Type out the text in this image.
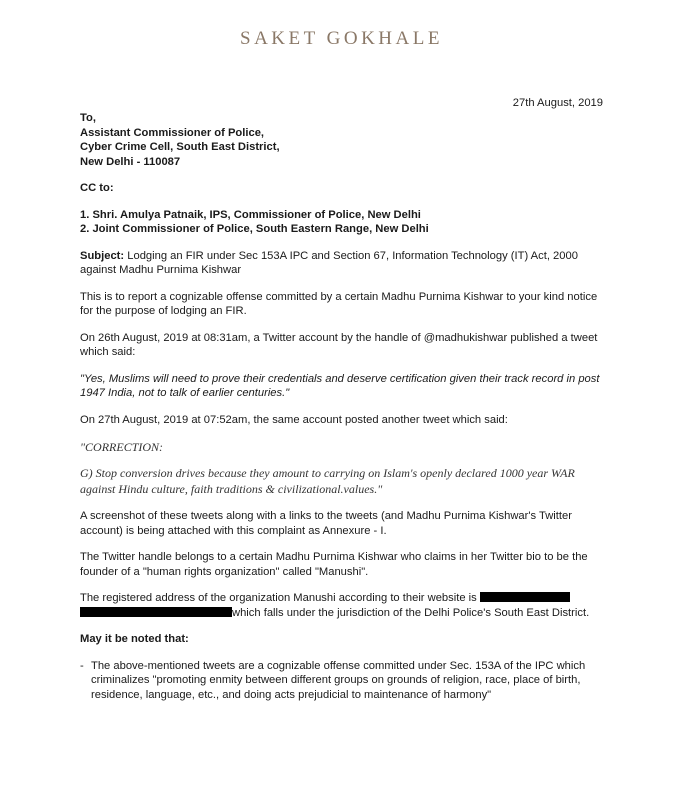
SAKET GOKHALE
27th August, 2019
To,
Assistant Commissioner of Police,
Cyber Crime Cell, South East District,
New Delhi - 110087
CC to:
1. Shri. Amulya Patnaik, IPS, Commissioner of Police, New Delhi
2. Joint Commissioner of Police, South Eastern Range, New Delhi
Subject: Lodging an FIR under Sec 153A IPC and Section 67, Information Technology (IT) Act, 2000 against Madhu Purnima Kishwar
This is to report a cognizable offense committed by a certain Madhu Purnima Kishwar to your kind notice for the purpose of lodging an FIR.
On 26th August, 2019 at 08:31am, a Twitter account by the handle of @madhukishwar published a tweet which said:
"Yes, Muslims will need to prove their credentials and deserve certification given their track record in post 1947 India, not to talk of earlier centuries."
On 27th August, 2019 at 07:52am, the same account posted another tweet which said:
"CORRECTION:
G) Stop conversion drives because they amount to carrying on Islam's openly declared 1000 year WAR against Hindu culture, faith traditions & civilizational.values."
A screenshot of these tweets along with a links to the tweets (and Madhu Purnima Kishwar's Twitter account) is being attached with this complaint as Annexure - I.
The Twitter handle belongs to a certain Madhu Purnima Kishwar who claims in her Twitter bio to be the founder of a "human rights organization" called "Manushi".
The registered address of the organization Manushi according to their website is  which falls under the jurisdiction of the Delhi Police's South East District.
May it be noted that:
- The above-mentioned tweets are a cognizable offense committed under Sec. 153A of the IPC which criminalizes "promoting enmity between different groups on grounds of religion, race, place of birth, residence, language, etc., and doing acts prejudicial to maintenance of harmony"
